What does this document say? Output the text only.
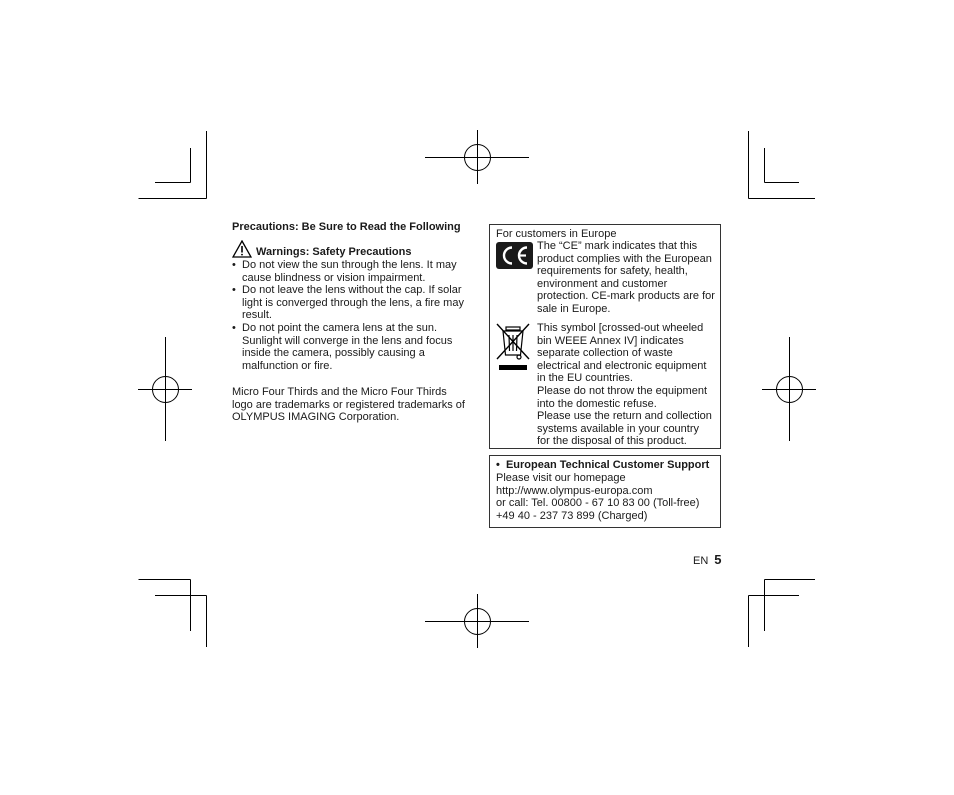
Precautions: Be Sure to Read the Following
Warnings: Safety Precautions
• Do not view the sun through the lens. It may
cause blindness or vision impairment.
• Do not leave the lens without the cap. If solar
light is converged through the lens, a fire may
result.
• Do not point the camera lens at the sun.
Sunlight will converge in the lens and focus
inside the camera, possibly causing a
malfunction or fire.
Micro Four Thirds and the Micro Four Thirds
logo are trademarks or registered trademarks of
OLYMPUS IMAGING Corporation.
For customers in Europe
The “CE” mark indicates that this
product complies with the European
requirements for safety, health,
environment and customer
protection. CE-mark products are for
sale in Europe.
This symbol [crossed-out wheeled
bin WEEE Annex IV] indicates
separate collection of waste
electrical and electronic equipment
in the EU countries.
Please do not throw the equipment
into the domestic refuse.
Please use the return and collection
systems available in your country
for the disposal of this product.
•  European Technical Customer Support
Please visit our homepage
http://www.olympus-europa.com
or call: Tel. 00800 - 67 10 83 00 (Toll-free)
+49 40 - 237 73 899 (Charged)
EN 5
